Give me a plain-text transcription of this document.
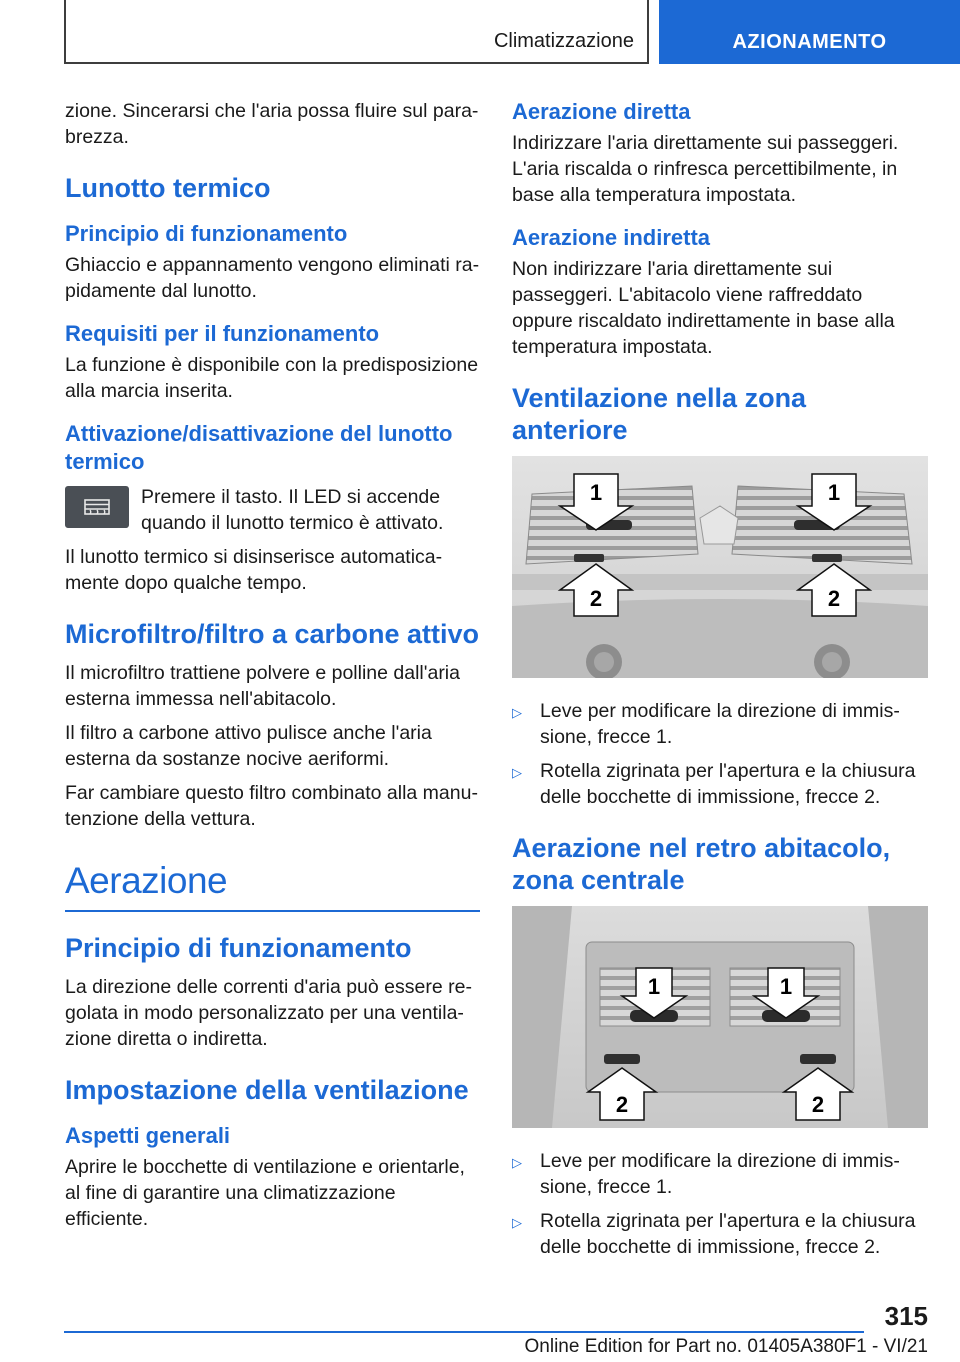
Climatizzazione	AZIONAMENTO

zione. Sincerarsi che l'aria possa fluire sul parabrezza.

Lunotto termico
Principio di funzionamento

Ghiaccio e appannamento vengono eliminati rapidamente dal lunotto.

Requisiti per il funzionamento

La funzione è disponibile con la predisposizione alla marcia inserita.

Attivazione/disattivazione del lunotto termico

Premere il tasto. Il LED si accende quando il lunotto termico è attivato.

Il lunotto termico si disinserisce automaticamente dopo qualche tempo.

Microfiltro/filtro a carbone attivo

Il microfiltro trattiene polvere e polline dall'aria esterna immessa nell'abitacolo.

Il filtro a carbone attivo pulisce anche l'aria esterna da sostanze nocive aeriformi.

Far cambiare questo filtro combinato alla manutenzione della vettura.

Aerazione
Principio di funzionamento

La direzione delle correnti d'aria può essere regolata in modo personalizzato per una ventilazione diretta o indiretta.

Impostazione della ventilazione
Aspetti generali

Aprire le bocchette di ventilazione e orientarle, al fine di garantire una climatizzazione efficiente.

Aerazione diretta

Indirizzare l'aria direttamente sui passeggeri. L'aria riscalda o rinfresca percettibilmente, in base alla temperatura impostata.

Aerazione indiretta

Non indirizzare l'aria direttamente sui passeggeri. L'abitacolo viene raffreddato oppure riscaldato indirettamente in base alla temperatura impostata.

Ventilazione nella zona anteriore
1	1
2	2
▷ Leve per modificare la direzione di immissione, frecce 1.
▷ Rotella zigrinata per l'apertura e la chiusura delle bocchette di immissione, frecce 2.
Aerazione nel retro abitacolo, zona centrale
1	1
2	2
▷ Leve per modificare la direzione di immissione, frecce 1.
▷ Rotella zigrinata per l'apertura e la chiusura delle bocchette di immissione, frecce 2.
315
Online Edition for Part no. 01405A380F1 - VI/21
